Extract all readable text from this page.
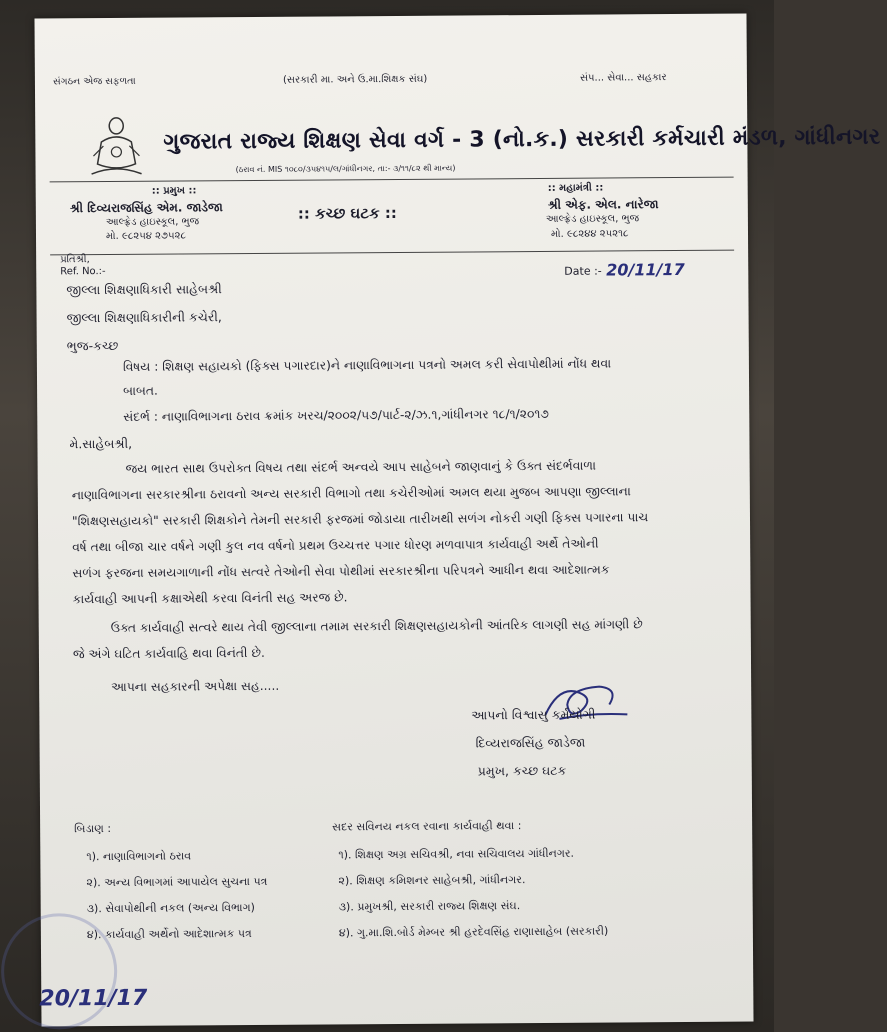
સંગઠન એજ સફળતા	(સરકારી મા. અને ઉ.મા.શિક્ષક સંઘ)	સંપ... સેવા... સહકાર
ગુજરાત રાજ્ય શિક્ષણ સેવા વર્ગ - 3 (નો.ક.) સરકારી કર્મચારી મંડળ, ગાંધીનગર
(ઠરાવ નં. MIS ૧૦૮૦/૩૫૪૧૫/લ/ગાંધીનગર, તા:- ૩/૧૧/૮૨ થી માન્ય)
:: પ્રમુખ ::
શ્રી દિવ્યરાજસિંહ એમ. જાડેજા
આલ્ફ્રેડ હાઇસ્કૂલ, ભુજ
મો. ૯૮૨૫૪ ૨૭૫૨૮
:: કચ્છ ઘટક ::
:: મહામંત્રી ::
શ્રી એફ. એલ. નારેજા
આલ્ફ્રેડ હાઇસ્કૂલ, ભુજ
મો. ૯૮૨૪૪ ૨૫૨૧૮
પ્રતિશ્રી,
Ref. No.:-	Date :- 20/11/17
જીલ્લા શિક્ષણાધિકારી સાહેબશ્રી
જીલ્લા શિક્ષણાધિકારીની કચેરી,
ભુજ-કચ્છ
વિષય : શિક્ષણ સહાયકો (ફિક્સ પગારદાર)ને નાણાવિભાગના પત્રનો અમલ કરી સેવાપોથીમાં નોંધ થવા
બાબત.
સંદર્ભ : નાણાવિભાગના ઠરાવ ક્રમાંક ખરચ/૨૦૦૨/૫૭/પાર્ટ-૨/ઝ.૧,ગાંધીનગર ૧૮/૧/૨૦૧૭
મે.સાહેબશ્રી,
જય ભારત સાથ ઉપરોક્ત વિષય તથા સંદર્ભ અન્વયે આપ સાહેબને જાણવાનું કે ઉક્ત સંદર્ભવાળા
નાણાવિભાગના સરકારશ્રીના ઠરાવનો અન્ય સરકારી વિભાગો તથા કચેરીઓમાં અમલ થયા મુજબ આપણા જીલ્લાના
"શિક્ષણસહાયકો" સરકારી શિક્ષકોને તેમની સરકારી ફરજમાં જોડાયા તારીખથી સળંગ નોકરી ગણી ફિક્સ પગારના પાચ
વર્ષ તથા બીજા ચાર વર્ષને ગણી કુલ નવ વર્ષનો પ્રથમ ઉચ્ચત્તર પગાર ધોરણ મળવાપાત્ર કાર્યવાહી અર્થે તેઓની
સળંગ ફરજના સમયગાળાની નોંધ સત્વરે તેઓની સેવા પોથીમાં સરકારશ્રીના પરિપત્રને આધીન થવા આદેશાત્મક
કાર્યવાહી આપની કક્ષાએથી કરવા વિનંતી સહ અરજ છે.
ઉક્ત કાર્યવાહી સત્વરે થાય તેવી જીલ્લાના તમામ સરકારી શિક્ષણસહાયકોની આંતરિક લાગણી સહ માંગણી છે
જે અંગે ઘટિત કાર્યવાહિ થવા વિનંતી છે.
આપના સહકારની અપેક્ષા સહ.....
આપનો વિશ્વાસુ કર્મયોગી
દિવ્યરાજસિંહ જાડેજા
પ્રમુખ, કચ્છ ઘટક
બિડાણ :
૧). નાણાવિભાગનો ઠરાવ
૨). અન્ય વિભાગમાં આપાયેલ સુચના પત્ર
૩). સેવાપોથીની નકલ (અન્ય વિભાગ)
૪). કાર્યવાહી અર્થેનો આદેશાત્મક પત્ર
સદર સવિનય નકલ રવાના કાર્યવાહી થવા :
૧). શિક્ષણ અગ્ર સચિવશ્રી, નવા સચિવાલય ગાંધીનગર.
૨). શિક્ષણ કમિશનર સાહેબશ્રી, ગાંધીનગર.
૩). પ્રમુખશ્રી, સરકારી રાજ્ય શિક્ષણ સંઘ.
૪). ગુ.મા.શિ.બોર્ડ મેમ્બર શ્રી હરદેવસિંહ રાણાસાહેબ (સરકારી)
20/11/17
